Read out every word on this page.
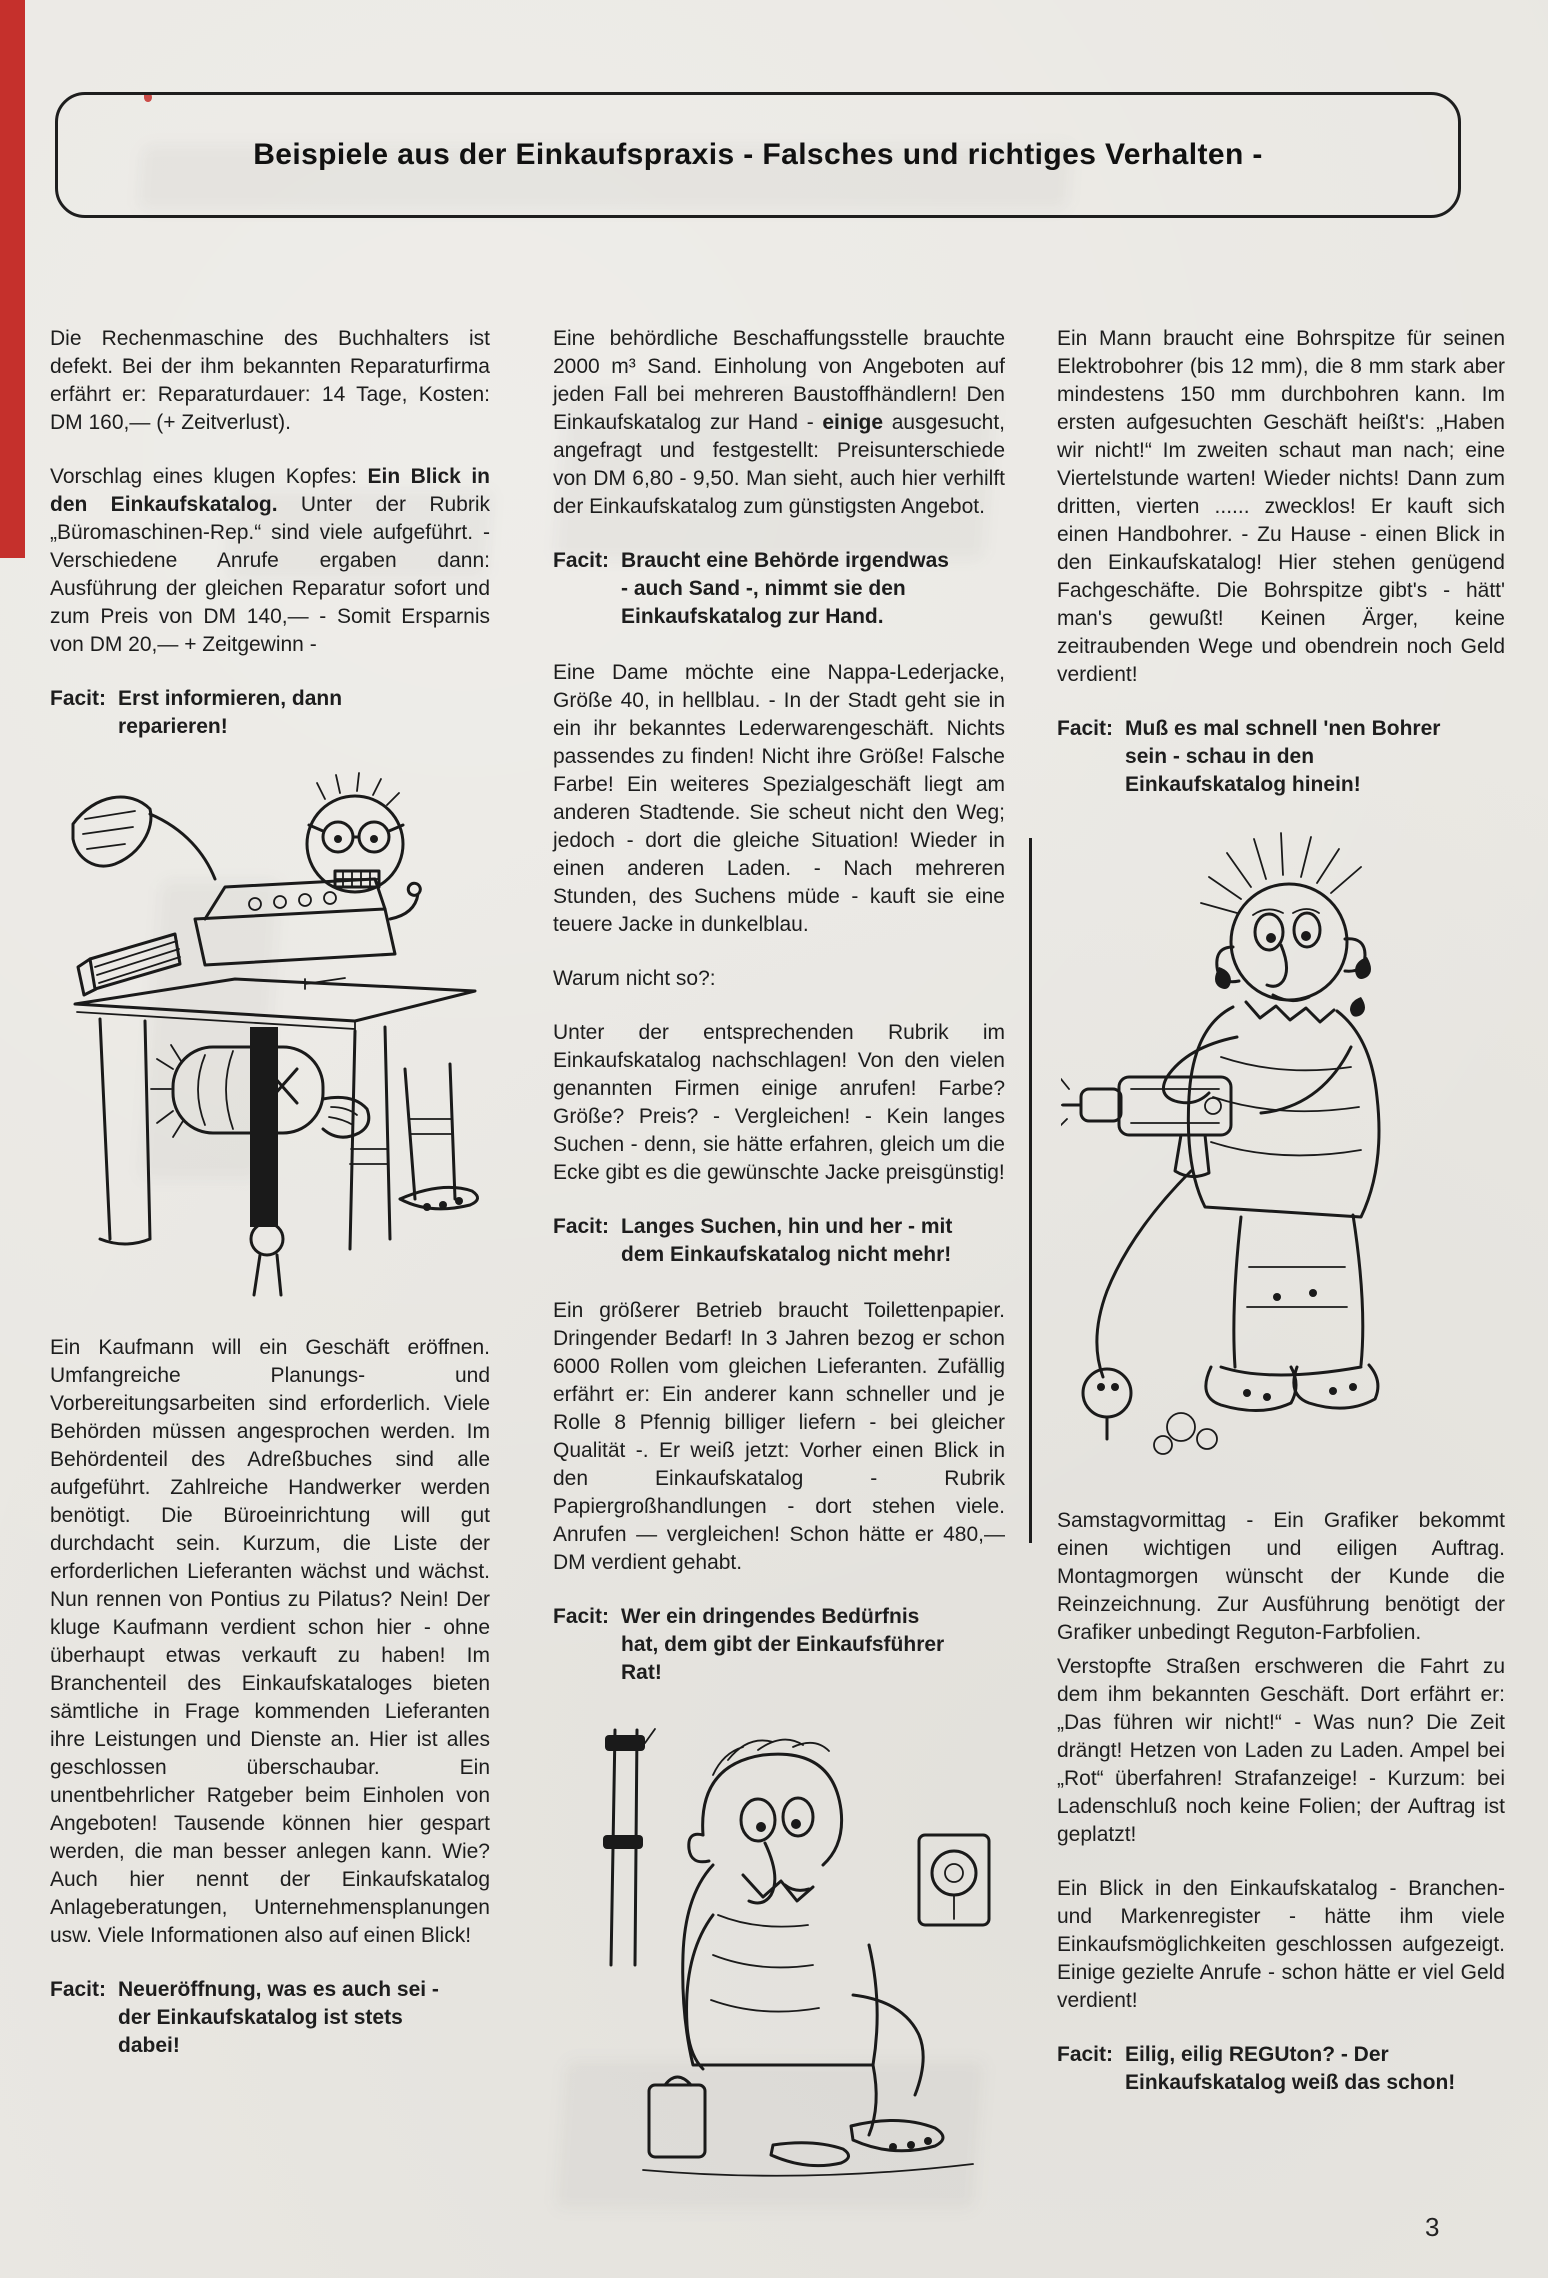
Beispiele aus der Einkaufspraxis - Falsches und richtiges Verhalten -

Die Rechenmaschine des Buchhalters ist defekt. Bei der ihm bekannten Reparaturfirma erfährt er: Reparaturdauer: 14 Tage, Kosten: DM 160,— (+ Zeitverlust).

Vorschlag eines klugen Kopfes: Ein Blick in den Einkaufskatalog. Unter der Rubrik „Büromaschinen-Rep.“ sind viele aufgeführt. - Verschiedene Anrufe ergaben dann: Ausführung der gleichen Reparatur sofort und zum Preis von DM 140,— - Somit Ersparnis von DM 20,— + Zeitgewinn -

Facit: Erst informieren, dann reparieren!

Ein Kaufmann will ein Geschäft eröffnen. Umfangreiche Planungs- und Vorbereitungsarbeiten sind erforderlich. Viele Behörden müssen angesprochen werden. Im Behördenteil des Adreßbuches sind alle aufgeführt. Zahlreiche Handwerker werden benötigt. Die Büroeinrichtung will gut durchdacht sein. Kurzum, die Liste der erforderlichen Lieferanten wächst und wächst. Nun rennen von Pontius zu Pilatus? Nein! Der kluge Kaufmann verdient schon hier - ohne überhaupt etwas verkauft zu haben! Im Branchenteil des Einkaufskataloges bieten sämtliche in Frage kommenden Lieferanten ihre Leistungen und Dienste an. Hier ist alles geschlossen überschaubar. Ein unentbehrlicher Ratgeber beim Einholen von Angeboten! Tausende können hier gespart werden, die man besser anlegen kann. Wie? Auch hier nennt der Einkaufskatalog Anlageberatungen, Unternehmensplanungen usw. Viele Informationen also auf einen Blick!

Facit: Neueröffnung, was es auch sei - der Einkaufskatalog ist stets dabei!

Eine behördliche Beschaffungsstelle brauchte 2000 m³ Sand. Einholung von Angeboten auf jeden Fall bei mehreren Baustoffhändlern! Den Einkaufskatalog zur Hand - einige ausgesucht, angefragt und festgestellt: Preisunterschiede von DM 6,80 - 9,50. Man sieht, auch hier verhilft der Einkaufskatalog zum günstigsten Angebot.

Facit: Braucht eine Behörde irgendwas - auch Sand -, nimmt sie den Einkaufskatalog zur Hand.

Eine Dame möchte eine Nappa-Lederjacke, Größe 40, in hellblau. - In der Stadt geht sie in ein ihr bekanntes Lederwarengeschäft. Nichts passendes zu finden! Nicht ihre Größe! Falsche Farbe! Ein weiteres Spezialgeschäft liegt am anderen Stadtende. Sie scheut nicht den Weg; jedoch - dort die gleiche Situation! Wieder in einen anderen Laden. - Nach mehreren Stunden, des Suchens müde - kauft sie eine teuere Jacke in dunkelblau.

Warum nicht so?:

Unter der entsprechenden Rubrik im Einkaufskatalog nachschlagen! Von den vielen genannten Firmen einige anrufen! Farbe? Größe? Preis? - Vergleichen! - Kein langes Suchen - denn, sie hätte erfahren, gleich um die Ecke gibt es die gewünschte Jacke preisgünstig!

Facit: Langes Suchen, hin und her - mit dem Einkaufskatalog nicht mehr!

Ein größerer Betrieb braucht Toilettenpapier. Dringender Bedarf! In 3 Jahren bezog er schon 6000 Rollen vom gleichen Lieferanten. Zufällig erfährt er: Ein anderer kann schneller und je Rolle 8 Pfennig billiger liefern - bei gleicher Qualität -. Er weiß jetzt: Vorher einen Blick in den Einkaufskatalog - Rubrik Papiergroßhandlungen - dort stehen viele. Anrufen — vergleichen! Schon hätte er 480,— DM verdient gehabt.

Facit: Wer ein dringendes Bedürfnis hat, dem gibt der Einkaufsführer Rat!

Ein Mann braucht eine Bohrspitze für seinen Elektrobohrer (bis 12 mm), die 8 mm stark aber mindestens 150 mm durchbohren kann. Im ersten aufgesuchten Geschäft heißt's: „Haben wir nicht!“ Im zweiten schaut man nach; eine Viertelstunde warten! Wieder nichts! Dann zum dritten, vierten ...... zwecklos! Er kauft sich einen Handbohrer. - Zu Hause - einen Blick in den Einkaufskatalog! Hier stehen genügend Fachgeschäfte. Die Bohrspitze gibt's - hätt' man's gewußt! Keinen Ärger, keine zeitraubenden Wege und obendrein noch Geld verdient!

Facit: Muß es mal schnell 'nen Bohrer sein - schau in den Einkaufskatalog hinein!

Samstagvormittag - Ein Grafiker bekommt einen wichtigen und eiligen Auftrag. Montagmorgen wünscht der Kunde die Reinzeichnung. Zur Ausführung benötigt der Grafiker unbedingt Reguton-Farbfolien.

Verstopfte Straßen erschweren die Fahrt zu dem ihm bekannten Geschäft. Dort erfährt er: „Das führen wir nicht!“ - Was nun? Die Zeit drängt! Hetzen von Laden zu Laden. Ampel bei „Rot“ überfahren! Strafanzeige! - Kurzum: bei Ladenschluß noch keine Folien; der Auftrag ist geplatzt!

Ein Blick in den Einkaufskatalog - Branchen- und Markenregister - hätte ihm viele Einkaufsmöglichkeiten geschlossen aufgezeigt. Einige gezielte Anrufe - schon hätte er viel Geld verdient!

Facit: Eilig, eilig REGUton? - Der Einkaufskatalog weiß das schon!
3
